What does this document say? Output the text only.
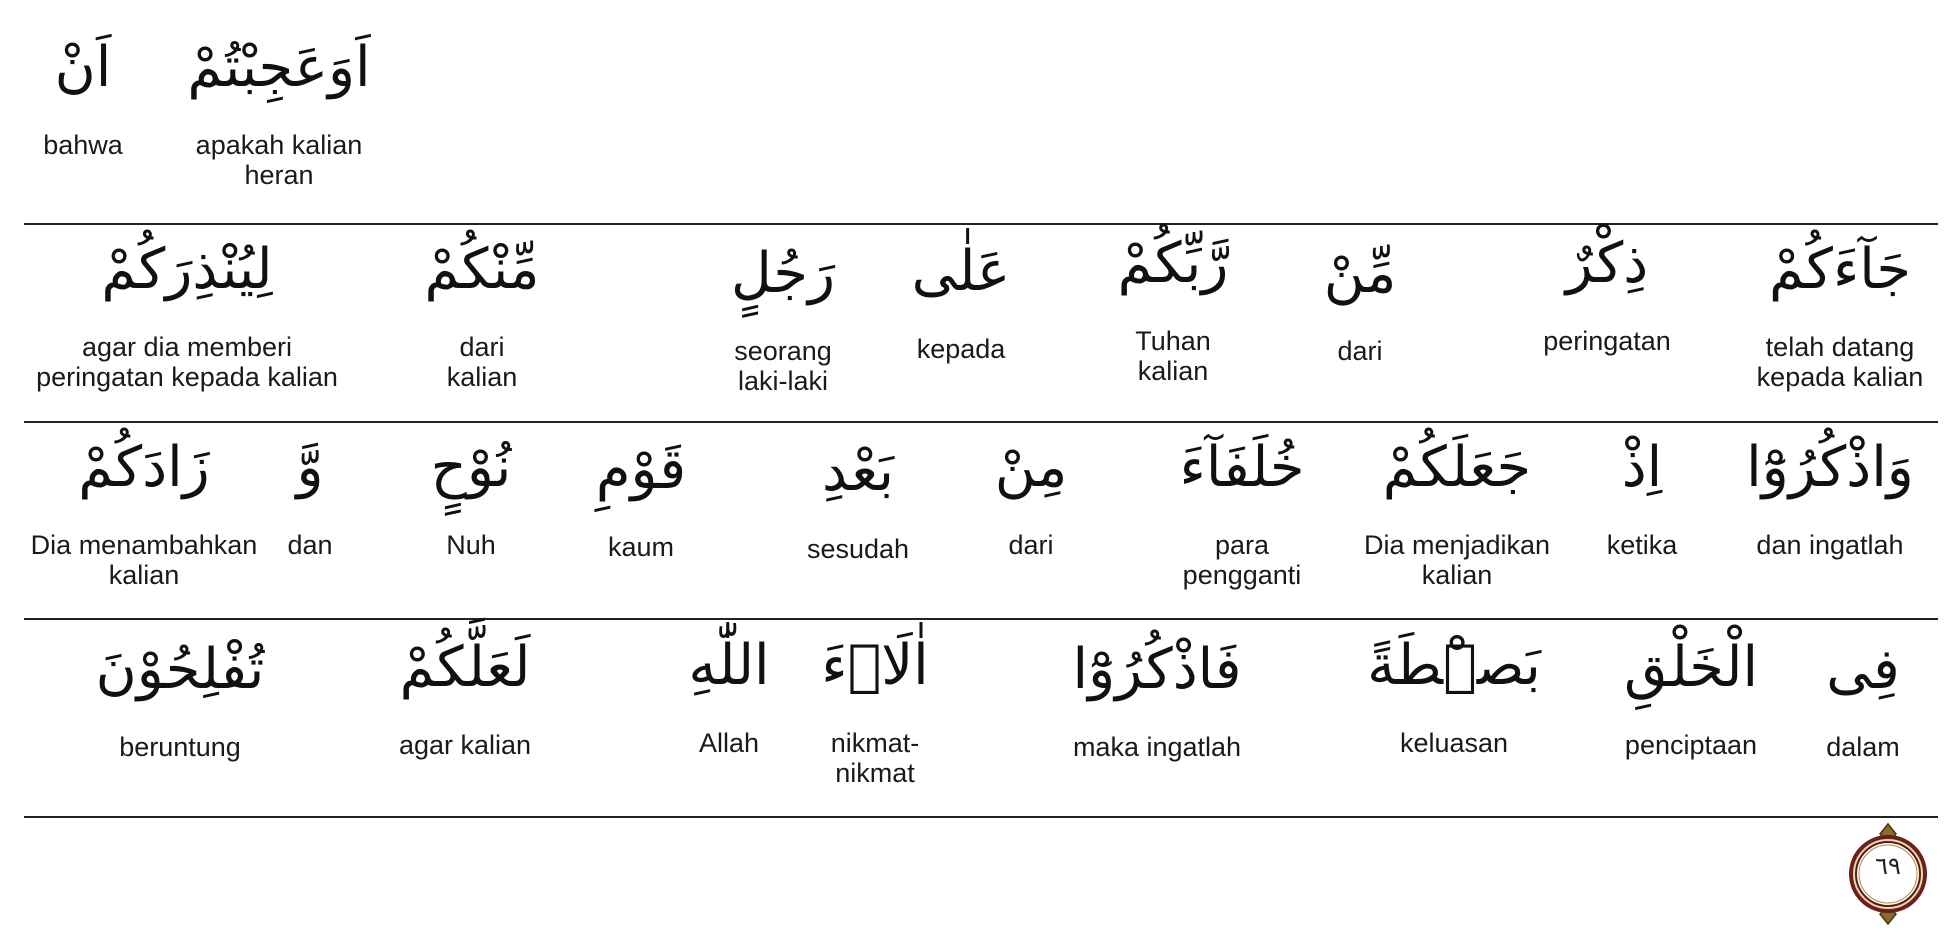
اَوَعَجِبْتُمْ
apakah kalian
heran
اَنْ
bahwa
جَآءَكُمْ
telah datang
kepada kalian
ذِكْرٌ
peringatan
مِّنْ
dari
رَّبِّكُمْ
Tuhan
kalian
عَلٰى
kepada
رَجُلٍ
seorang
laki-laki
مِّنْكُمْ
dari
kalian
لِيُنْذِرَكُمْ
agar dia memberi
peringatan kepada kalian
وَاذْكُرُوْٓا
dan ingatlah
اِذْ
ketika
جَعَلَكُمْ
Dia menjadikan
kalian
خُلَفَآءَ
para
pengganti
مِنْ
dari
بَعْدِ
sesudah
قَوْمِ
kaum
نُوْحٍ
Nuh
وَّ
dan
زَادَكُمْ
Dia menambahkan
kalian
فِى
dalam
الْخَلْقِ
penciptaan
بَصْۜطَةً
keluasan
فَاذْكُرُوْٓا
maka ingatlah
اٰلَاۤءَ
nikmat-
nikmat
اللّٰهِ
Allah
لَعَلَّكُمْ
agar kalian
تُفْلِحُوْنَ
beruntung
٦٩
